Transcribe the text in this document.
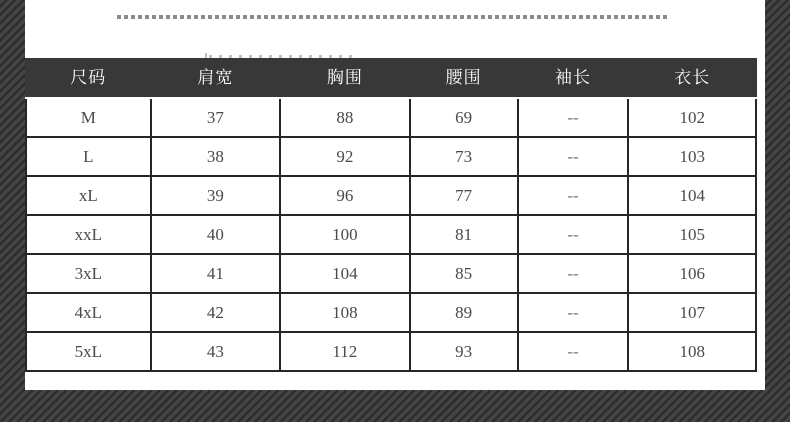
尺码	肩宽	胸围	腰围	袖长	衣长
M	37	88	69	--	102
L	38	92	73	--	103
xL	39	96	77	--	104
xxL	40	100	81	--	105
3xL	41	104	85	--	106
4xL	42	108	89	--	107
5xL	43	112	93	--	108
